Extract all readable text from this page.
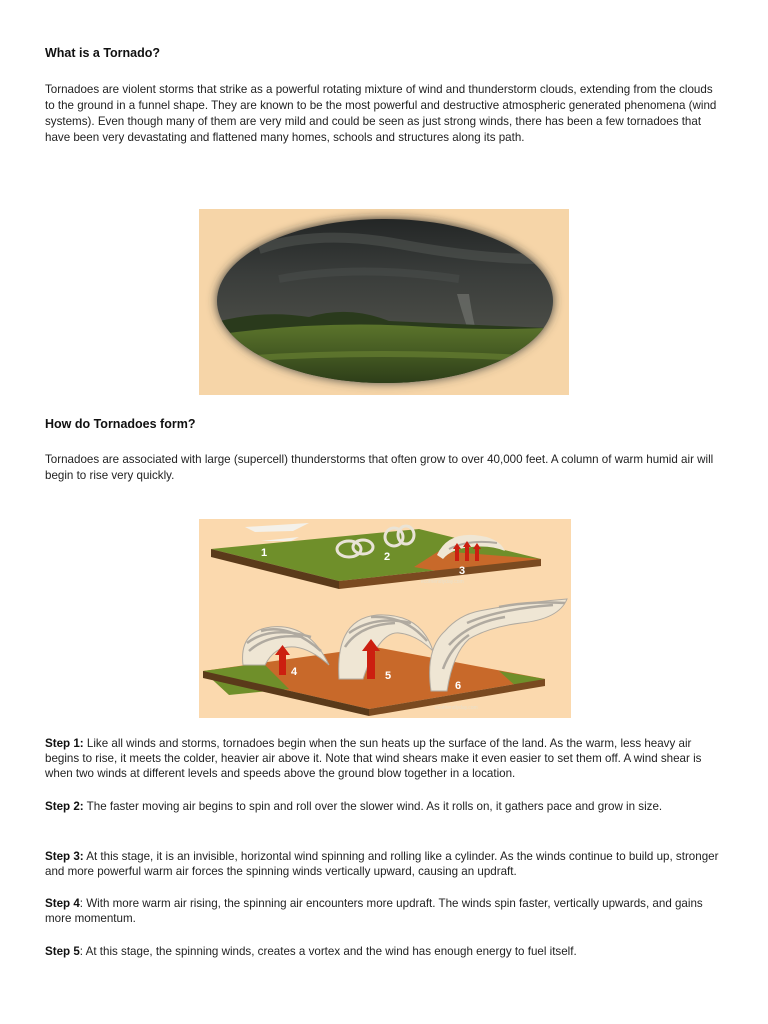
What is a Tornado?

Tornadoes are violent storms that strike as a powerful rotating mixture of wind and thunderstorm clouds, extending from the clouds to the ground in a funnel shape. They are known to be the most powerful and destructive atmospheric generated phenomena (wind systems). Even though many of them are very mild and could be seen as just strong winds, there has been a few tornadoes that have been very devastating and flattened many homes, schools and structures along its path.

How do Tornadoes form?

Tornadoes are associated with large (supercell) thunderstorms that often grow to over 40,000 feet. A column of warm humid air will begin to rise very quickly.

1	2
3
4	5
6
ecofriendlyday.com
ecofriendlyday.com

Step 1: Like all winds and storms, tornadoes begin when the sun heats up the surface of the land. As the warm, less heavy air begins to rise, it meets the colder, heavier air above it. Note that wind shears make it even easier to set them off. A wind shear is when two winds at different levels and speeds above the ground blow together in a location.

Step 2: The faster moving air begins to spin and roll over the slower wind. As it rolls on, it gathers pace and grow in size.

Step 3: At this stage, it is an invisible, horizontal wind spinning and rolling like a cylinder. As the winds continue to build up, stronger and more powerful warm air forces the spinning winds vertically upward, causing an updraft.

Step 4: With more warm air rising, the spinning air encounters more updraft. The winds spin faster, vertically upwards, and gains more momentum.

Step 5: At this stage, the spinning winds, creates a vortex and the wind has enough energy to fuel itself.
